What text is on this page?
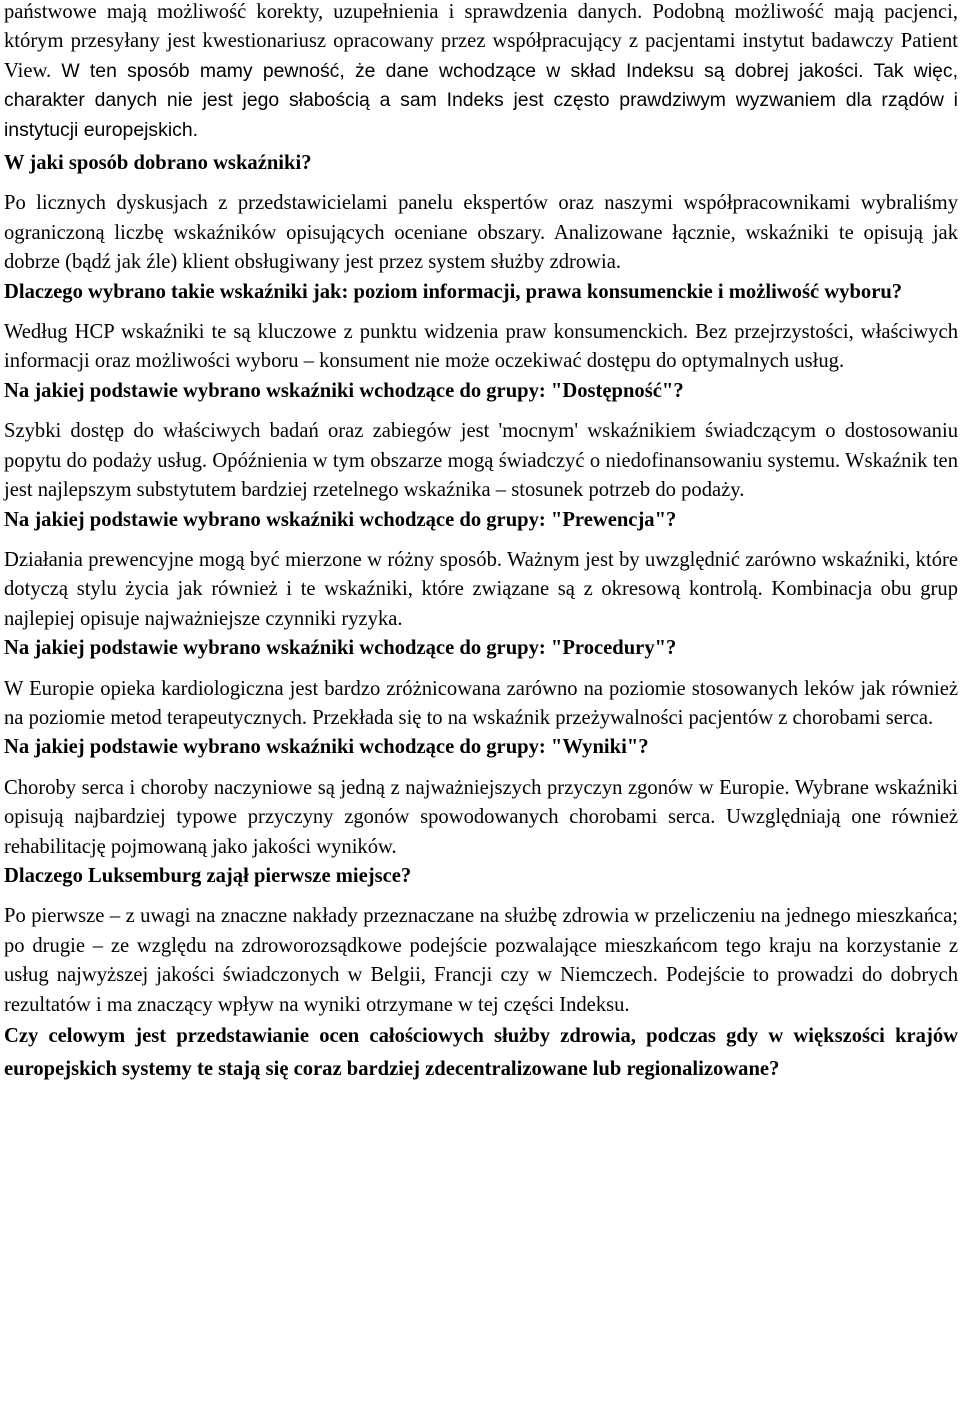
państwowe mają możliwość korekty, uzupełnienia i sprawdzenia danych. Podobną możliwość mają pacjenci, którym przesyłany jest kwestionariusz opracowany przez współpracujący z pacjentami instytut badawczy Patient View. W ten sposób mamy pewność, że dane wchodzące w skład Indeksu są dobrej jakości. Tak więc, charakter danych nie jest jego słabością a sam Indeks jest często prawdziwym wyzwaniem dla rządów i instytucji europejskich.

W jaki sposób dobrano wskaźniki?

Po licznych dyskusjach z przedstawicielami panelu ekspertów oraz naszymi współpracownikami wybraliśmy ograniczoną liczbę wskaźników opisujących oceniane obszary. Analizowane łącznie, wskaźniki te opisują jak dobrze (bądź jak źle) klient obsługiwany jest przez system służby zdrowia.

Dlaczego wybrano takie wskaźniki jak: poziom informacji, prawa konsumenckie i możliwość wyboru?

Według HCP wskaźniki te są kluczowe z punktu widzenia praw konsumenckich. Bez przejrzystości, właściwych informacji oraz możliwości wyboru – konsument nie może oczekiwać dostępu do optymalnych usług.

Na jakiej podstawie wybrano wskaźniki wchodzące do grupy: "Dostępność"?

Szybki dostęp do właściwych badań oraz zabiegów jest 'mocnym' wskaźnikiem świadczącym o dostosowaniu popytu do podaży usług. Opóźnienia w tym obszarze mogą świadczyć o niedofinansowaniu systemu. Wskaźnik ten jest najlepszym substytutem bardziej rzetelnego wskaźnika – stosunek potrzeb do podaży.

Na jakiej podstawie wybrano wskaźniki wchodzące do grupy: "Prewencja"?

Działania prewencyjne mogą być mierzone w różny sposób. Ważnym jest by uwzględnić zarówno wskaźniki, które dotyczą stylu życia jak również i te wskaźniki, które związane są z okresową kontrolą. Kombinacja obu grup najlepiej opisuje najważniejsze czynniki ryzyka.

Na jakiej podstawie wybrano wskaźniki wchodzące do grupy: "Procedury"?

W Europie opieka kardiologiczna jest bardzo zróżnicowana zarówno na poziomie stosowanych leków jak również na poziomie metod terapeutycznych. Przekłada się to na wskaźnik przeżywalności pacjentów z chorobami serca.

Na jakiej podstawie wybrano wskaźniki wchodzące do grupy: "Wyniki"?

Choroby serca i choroby naczyniowe są jedną z najważniejszych przyczyn zgonów w Europie. Wybrane wskaźniki opisują najbardziej typowe przyczyny zgonów spowodowanych chorobami serca. Uwzględniają one również rehabilitację pojmowaną jako jakości wyników.

Dlaczego Luksemburg zajął pierwsze miejsce?

Po pierwsze – z uwagi na znaczne nakłady przeznaczane na służbę zdrowia w przeliczeniu na jednego mieszkańca; po drugie – ze względu na zdroworozsądkowe podejście pozwalające mieszkańcom tego kraju na korzystanie z usług najwyższej jakości świadczonych w Belgii, Francji czy w Niemczech. Podejście to prowadzi do dobrych rezultatów i ma znaczący wpływ na wyniki otrzymane w tej części Indeksu.

Czy celowym jest przedstawianie ocen całościowych służby zdrowia, podczas gdy w większości krajów europejskich systemy te stają się coraz bardziej zdecentralizowane lub regionalizowane?
